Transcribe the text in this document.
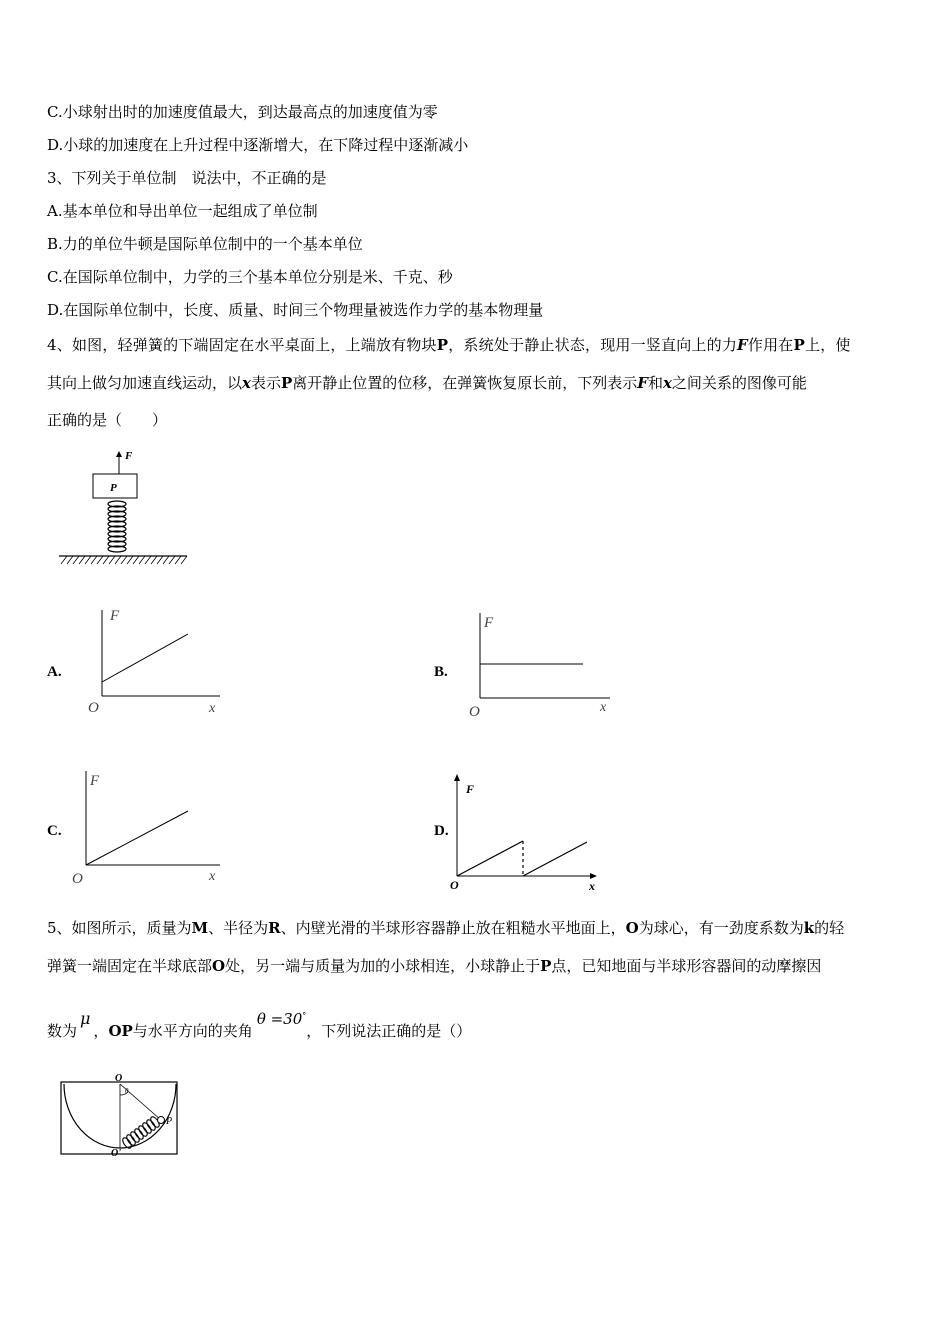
C.小球射出时的加速度值最大，到达最高点的加速度值为零
D.小球的加速度在上升过程中逐渐增大，在下降过程中逐渐减小
3、下列关于单位制　说法中，不正确的是
A.基本单位和导出单位一起组成了单位制
B.力的单位牛顿是国际单位制中的一个基本单位
C.在国际单位制中，力学的三个基本单位分别是米、千克、秒
D.在国际单位制中，长度、质量、时间三个物理量被选作力学的基本物理量
4、如图，轻弹簧的下端固定在水平桌面上，上端放有物块P，系统处于静止状态，现用一竖直向上的力F作用在P上，使
其向上做匀加速直线运动，以x表示P离开静止位置的位移，在弹簧恢复原长前，下列表示F和x之间关系的图像可能
正确的是（　　）
F
P
A.
F
x
O
B.
F
x
O
C.
F
x
O
D.
F
x
O
5、如图所示，质量为M、半径为R、内壁光滑的半球形容器静止放在粗糙水平地面上，O为球心，有一劲度系数为k的轻
弹簧一端固定在半球底部O处，另一端与质量为加的小球相连，小球静止于P点，已知地面与半球形容器间的动摩擦因
数为μ，OP与水平方向的夹角θ =30°，下列说法正确的是（）
O
O'
θ
P
